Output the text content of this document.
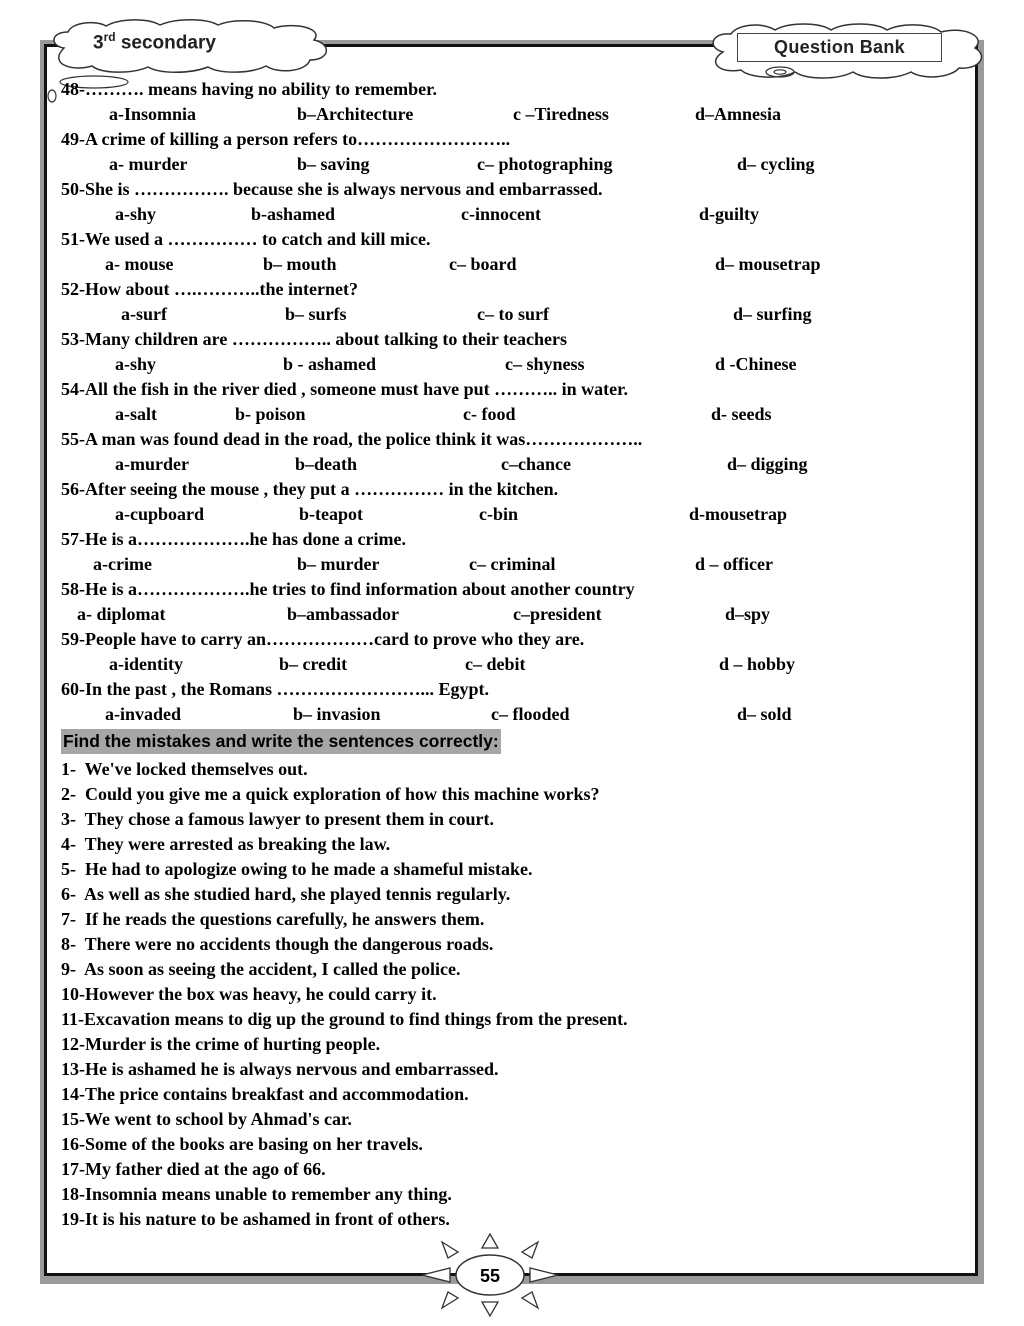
3rd secondary	Question Bank
48-………. means having no ability to remember.
a-Insomnia	b–Architecture	c –Tiredness	d–Amnesia
49-A crime of killing a person refers to……………………..
a- murder	b– saving	c– photographing	d– cycling
50-She is ……………. because she is always nervous and embarrassed.
a-shy	b-ashamed	c-innocent	d-guilty
51-We used a …………… to catch and kill mice.
a- mouse	b– mouth	c– board	d– mousetrap
52-How about ….………..the internet?
a-surf	b– surfs	c– to surf	d– surfing
53-Many children are …………….. about talking to their teachers
a-shy	b - ashamed	c– shyness	d -Chinese
54-All the fish in the river died , someone must have put ……….. in water.
a-salt	b- poison	c- food	d- seeds
55-A man was found dead in the road, the police think it was………………..
a-murder	b–death	c–chance	d– digging
56-After seeing the mouse , they put a …………… in the kitchen.
a-cupboard	b-teapot	c-bin	d-mousetrap
57-He is a……………….he has done a crime.
a-crime	b– murder	c– criminal	d – officer
58-He is a……………….he tries to find information about another country
a- diplomat	b–ambassador	c–president	d–spy
59-People have to carry an………………card to prove who they are.
a-identity	b– credit	c– debit	d – hobby
60-In the past , the Romans ……………………... Egypt.
a-invaded	b– invasion	c– flooded	d– sold
Find the mistakes and write the sentences correctly:
1-  We've locked themselves out.
2-  Could you give me a quick exploration of how this machine works?
3-  They chose a famous lawyer to present them in court.
4-  They were arrested as breaking the law.
5-  He had to apologize owing to he made a shameful mistake.
6-  As well as she studied hard, she played tennis regularly.
7-  If he reads the questions carefully, he answers them.
8-  There were no accidents though the dangerous roads.
9-  As soon as seeing the accident, I called the police.
10-However the box was heavy, he could carry it.
11-Excavation means to dig up the ground to find things from the present.
12-Murder is the crime of hurting people.
13-He is ashamed he is always nervous and embarrassed.
14-The price contains breakfast and accommodation.
15-We went to school by Ahmad's car.
16-Some of the books are basing on her travels.
17-My father died at the ago of 66.
18-Insomnia means unable to remember any thing.
19-It is his nature to be ashamed in front of others.
55
